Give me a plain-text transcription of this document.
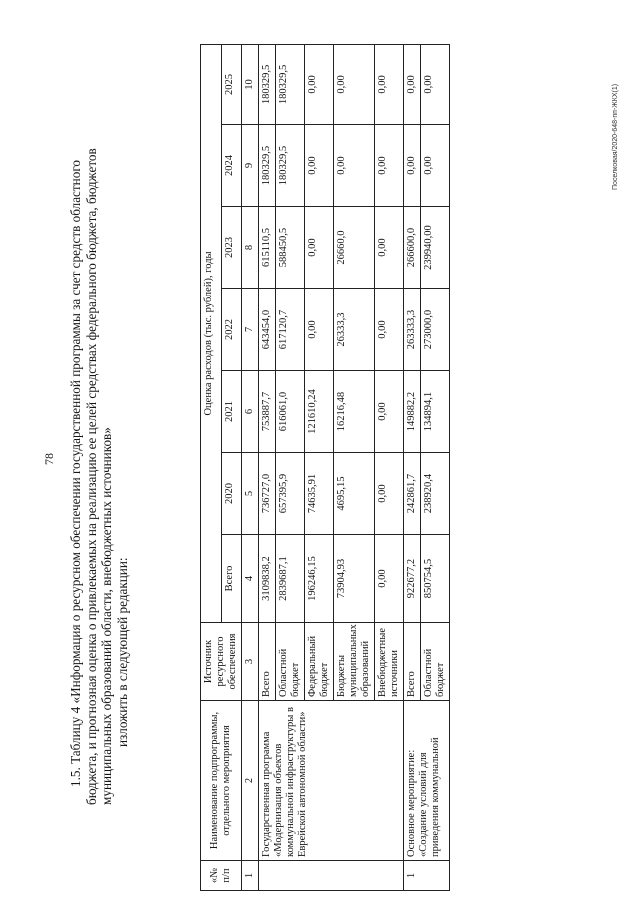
78 1.5. Таблицу 4 «Информация о ресурсном обеспечении государственной программы за счет средств областного бюджета, и прогнозная оценка о привлекаемых на реализацию ее целей средствах федерального бюджета, бюджетов муниципальных образований области, внебюджетных источников» изложить в следующей редакции:

«№ п/п	Наименование подпрограммы, отдельного мероприятия	Источник ресурсного обеспечения	Оценка расходов (тыс. рублей), годы						
			Всего	2020	2021	2022	2023	2024	2025
1	2	3	4	5	6	7	8	9	10
	Государственная программа «Модернизация объектов коммунальной инфраструктуры в Еврейской автономной области»	Всего	3109838,2	736727,0	753887,7	643454,0	615110,5	180329,5	180329,5
		Областной бюджет	2839687,1	657395,9	616061,0	617120,7	588450,5	180329,5	180329,5
		Федеральный бюджет	196246,15	74635,91	121610,24	0,00	0,00	0,00	0,00
		Бюджеты муниципальных образований	73904,93	4695,15	16216,48	26333,3	26660,0	0,00	0,00
		Внебюджетные источники	0,00	0,00	0,00	0,00	0,00	0,00	0,00
1	Основное мероприятие: «Создание условий для приведения коммунальной	Всего	922677,2	242861,7	149882,2	263333,3	266600,0	0,00	0,00
		Областной бюджет	850754,5	238920,4	134894,1	273000,0	239940,00	0,00	0,00	Поселковая/2020-648-пп-ЖКХ(1)
